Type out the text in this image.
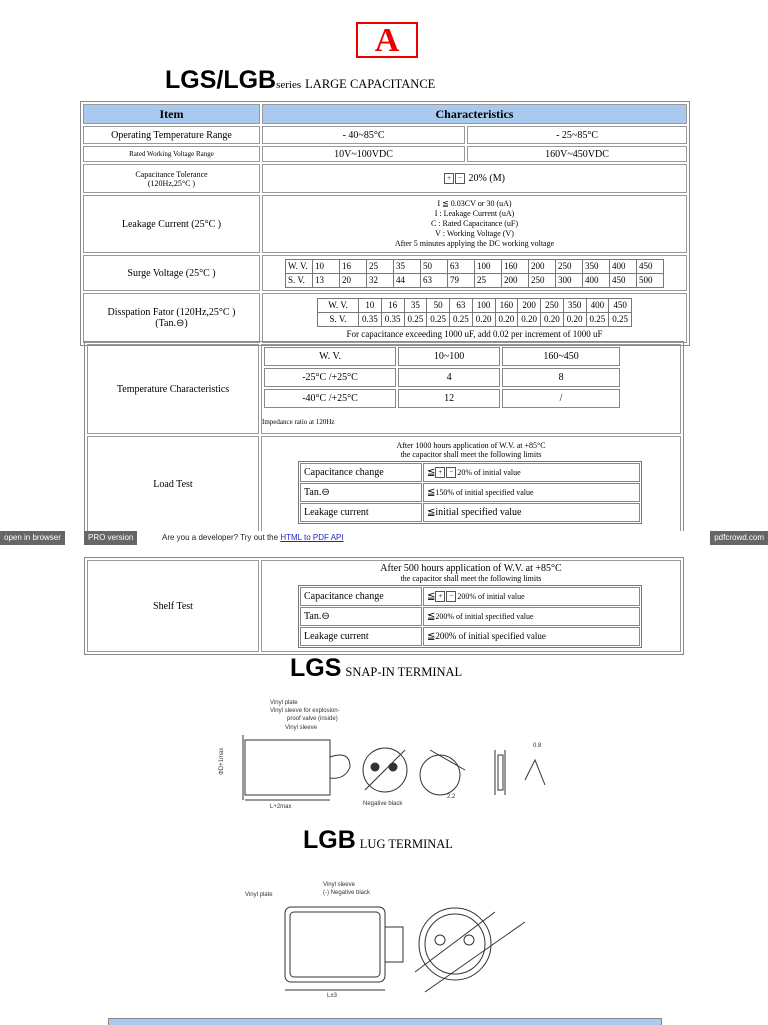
A
LGS/LGBseries LARGE CAPACITANCE
Item	Characteristics
Operating Temperature Range	- 40~85°C	- 25~85°C
Rated Working Voltage Range	10V~100VDC	160V~450VDC

Capacitance Tolerance
(120Hz,25°C )
	+ − 20% (M)
Leakage Current (25°C )	
I ≦ 0.03CV or 30 (uA)
I : Leakage Current (uA)
C : Rated Capacitance (uF)
V : Working Voltage (V)
After 5 minutes applying the DC working voltage

Surge Voltage (25°C )	
W. V.	10	16	25	35	50	63	100	160	200	250	350	400	450
S. V.	13	20	32	44	63	79	25	200	250	300	400	450	500

Disspation Fator (120Hz,25°C )
(Tan.⊖)

W. V.	10	16	35	50	63	100	160	200	250	350	400	450
S. V.	0.35	0.35	0.25	0.25	0.25	0.20	0.20	0.20	0.20	0.20	0.25	0.25
For capacitance exceeding 1000 uF, add 0.02 per increment of 1000 uF
Temperature Characteristics	
W. V.	10~100	160~450
-25°C /+25°C	4	8
-40°C /+25°C	12	/
Impedance ratio at 120Hz

Load Test	
After 1000 hours application of W.V. at +85°C
the capacitor shall meet the following limits
Capacitance change	≦ + − 20% of initial value
Tan.⊖	≦150% of initial specified value
Leakage current	≦initial specified value
open in browser	PRO version	Are you a developer? Try out the HTML to PDF API	pdfcrowd.com
Shelf Test	
After 500 hours application of W.V. at +85°C
the capacitor shall meet the following limits
Capacitance change	≦ + − 200% of initial value
Tan.⊖	≦200% of initial specified value
Leakage current	≦200% of initial specified value
LGS SNAP-IN TERMINAL
Vinyl plate
Vinyl sleeve for explosion-
proof valve (inside)
Vinyl sleeve
L+2max	Negative black
ΦD+1max
0.8
2.2
LGB LUG TERMINAL
Vinyl sleeve
(-) Negative black
Vinyl plate
L±3
